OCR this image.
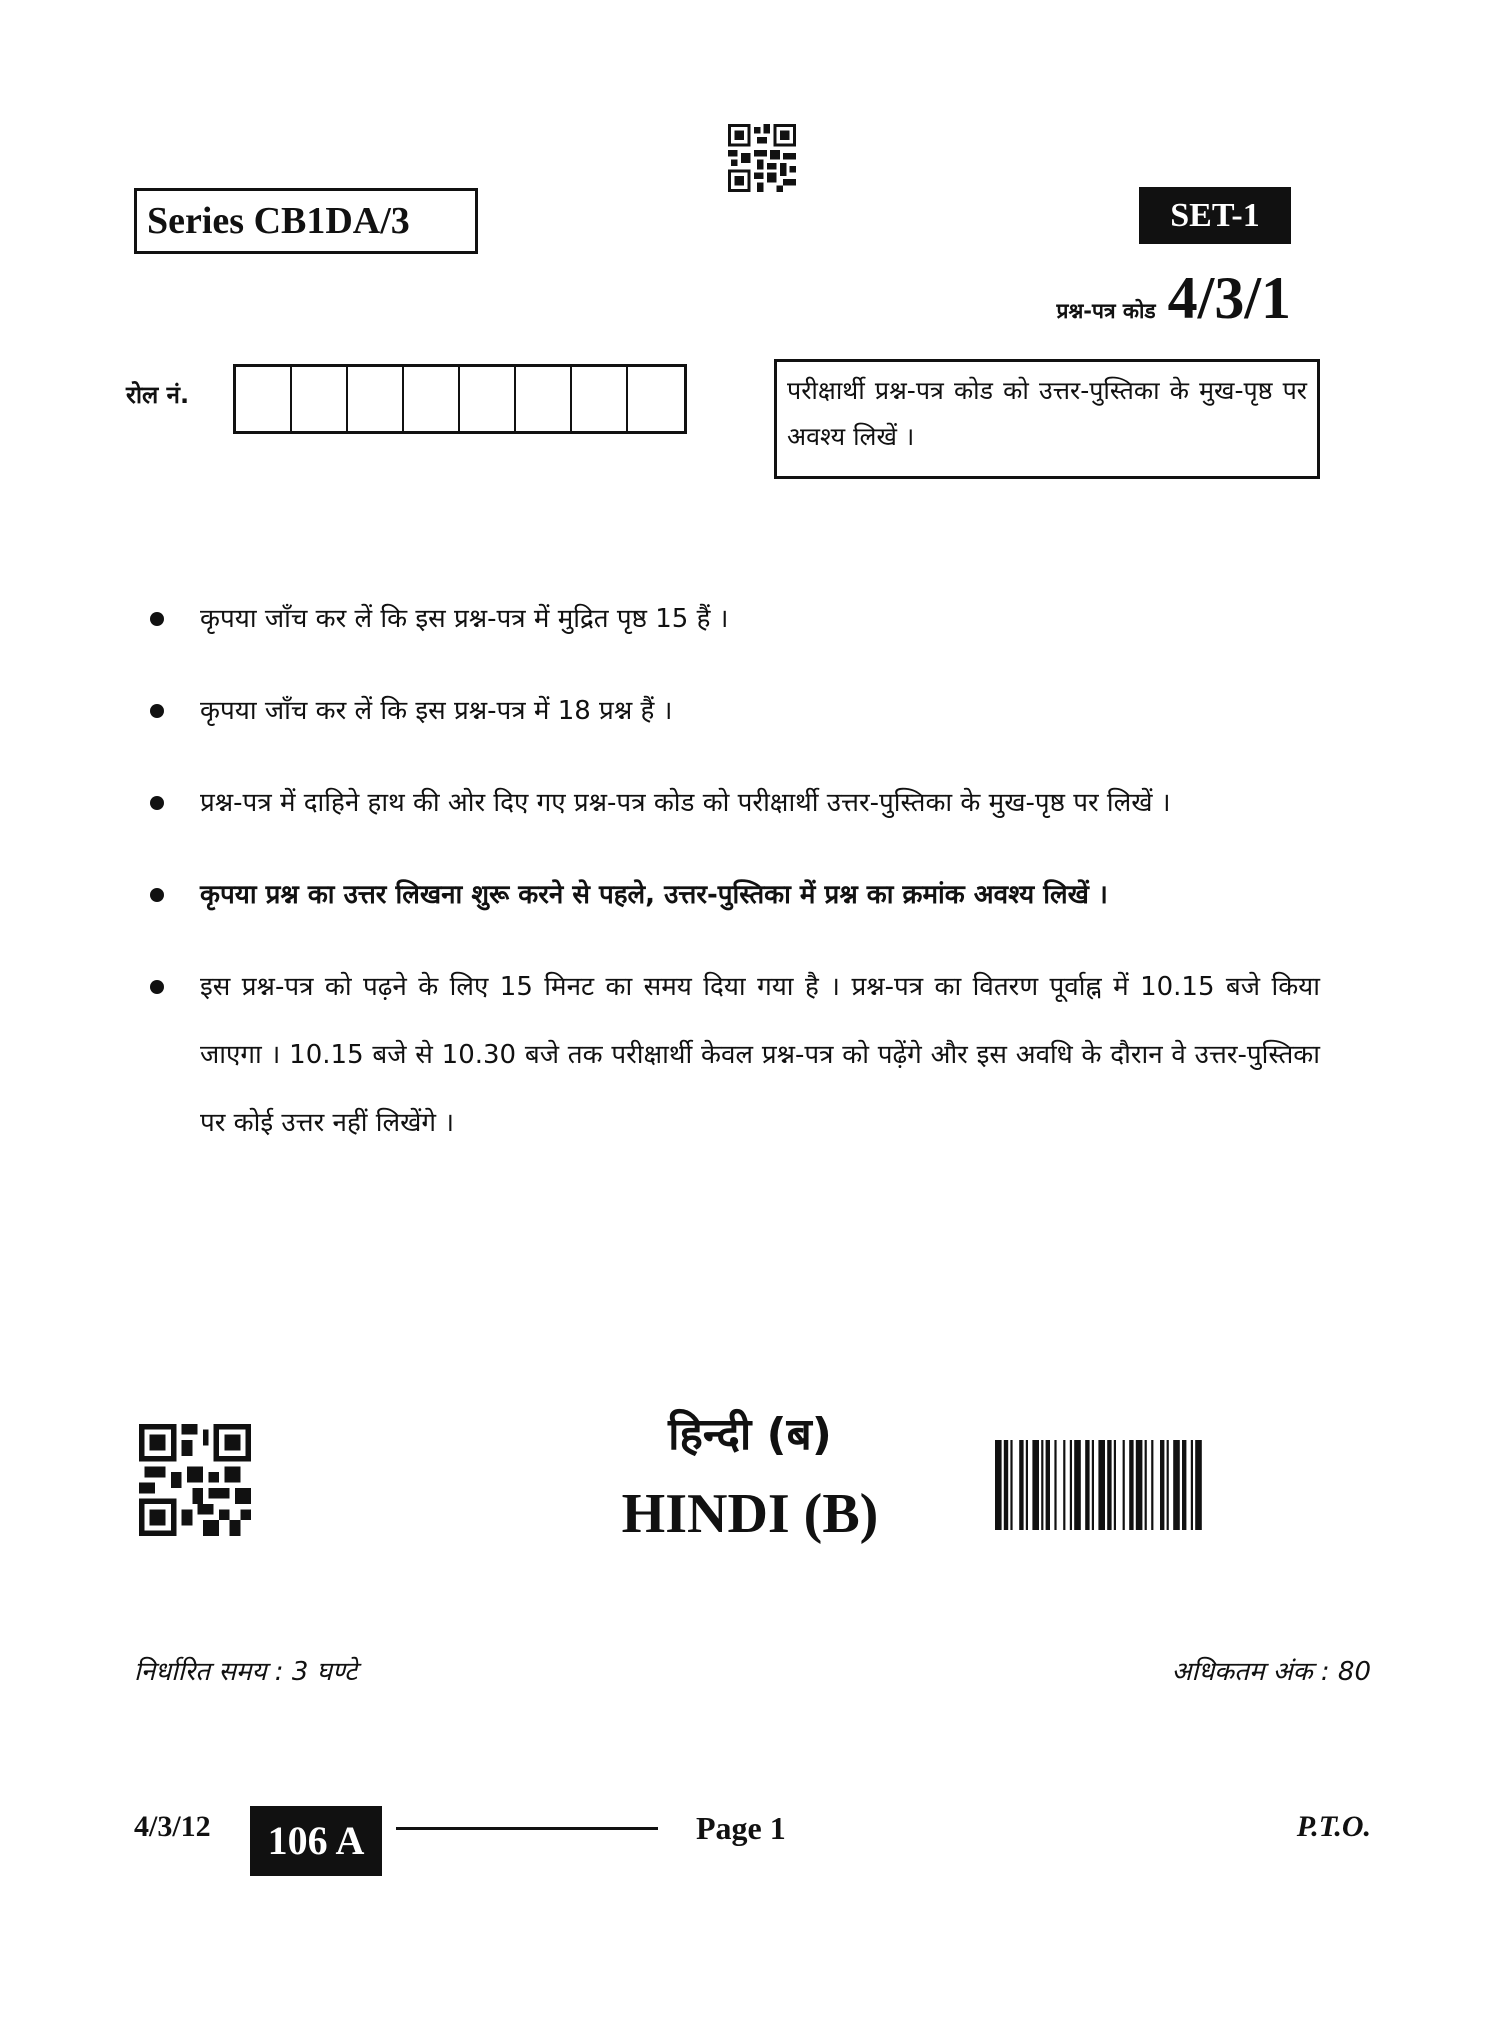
Series CB1DA/3	SET-1
प्रश्न-पत्र कोड 4/3/1
रोल नं.	परीक्षार्थी प्रश्न-पत्र कोड को उत्तर-पुस्तिका के मुख-पृष्ठ पर अवश्य लिखें ।
कृपया जाँच कर लें कि इस प्रश्न-पत्र में मुद्रित पृष्ठ 15 हैं ।
कृपया जाँच कर लें कि इस प्रश्न-पत्र में 18 प्रश्न हैं ।
प्रश्न-पत्र में दाहिने हाथ की ओर दिए गए प्रश्न-पत्र कोड को परीक्षार्थी उत्तर-पुस्तिका के मुख-पृष्ठ पर लिखें ।
कृपया प्रश्न का उत्तर लिखना शुरू करने से पहले, उत्तर-पुस्तिका में प्रश्न का क्रमांक अवश्य लिखें ।
इस प्रश्न-पत्र को पढ़ने के लिए 15 मिनट का समय दिया गया है । प्रश्न-पत्र का वितरण पूर्वाह्न में 10.15 बजे किया जाएगा । 10.15 बजे से 10.30 बजे तक परीक्षार्थी केवल प्रश्न-पत्र को पढ़ेंगे और इस अवधि के दौरान वे उत्तर-पुस्तिका पर कोई उत्तर नहीं लिखेंगे ।
हिन्दी (ब)
HINDI (B)
निर्धारित समय : 3 घण्टे	अधिकतम अंक : 80
4/3/12	106 A	Page 1	P.T.O.
